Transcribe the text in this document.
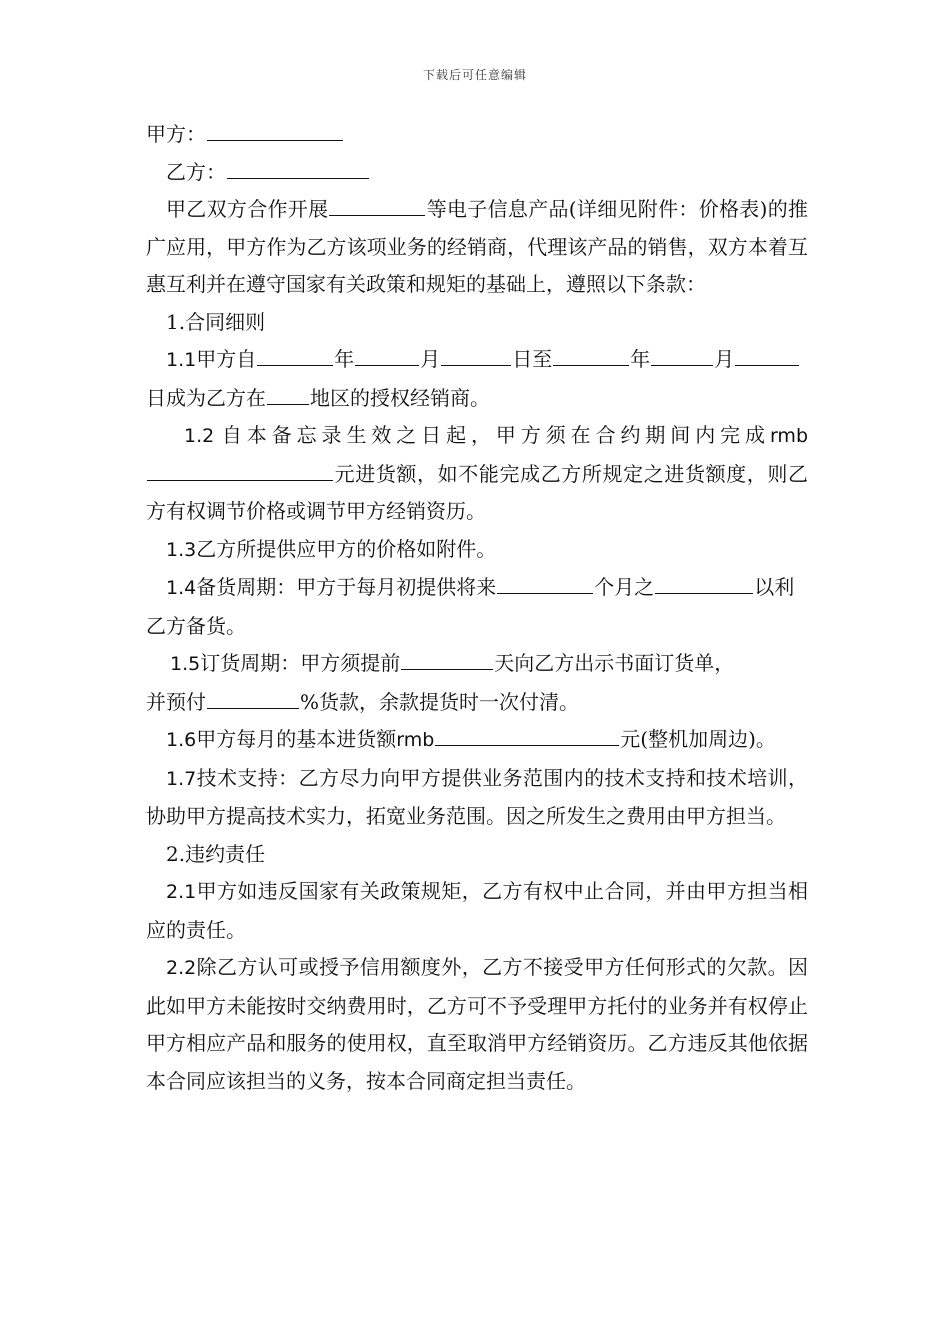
下载后可任意编辑

甲方：

乙方：

甲乙双方合作开展	等电子信息产品(详细见附件：价格表)的推广应用，甲方作为乙方该项业务的经销商，代理该产品的销售，双方本着互惠互利并在遵守国家有关政策和规矩的基础上，遵照以下条款：

1.合同细则

1.1甲方自	年	月	日至	年	月日成为乙方在 地区的授权经销商。

1.2 自本备忘录生效之日起，甲方须在合约期间内完成rmb元进货额，如不能完成乙方所规定之进货额度，则乙方有权调节价格或调节甲方经销资历。

1.3乙方所提供应甲方的价格如附件。

1.4备货周期：甲方于每月初提供将来	个月之	以利乙方备货。

1.5订货周期：甲方须提前	天向乙方出示书面订货单，
并预付	%货款，余款提货时一次付清。

1.6甲方每月的基本进货额rmb	元(整机加周边)。

1.7技术支持：乙方尽力向甲方提供业务范围内的技术支持和技术培训，协助甲方提高技术实力，拓宽业务范围。因之所发生之费用由甲方担当。

2.违约责任

2.1甲方如违反国家有关政策规矩，乙方有权中止合同，并由甲方担当相应的责任。

2.2除乙方认可或授予信用额度外，乙方不接受甲方任何形式的欠款。因此如甲方未能按时交纳费用时，乙方可不予受理甲方托付的业务并有权停止甲方相应产品和服务的使用权，直至取消甲方经销资历。乙方违反其他依据本合同应该担当的义务，按本合同商定担当责任。
